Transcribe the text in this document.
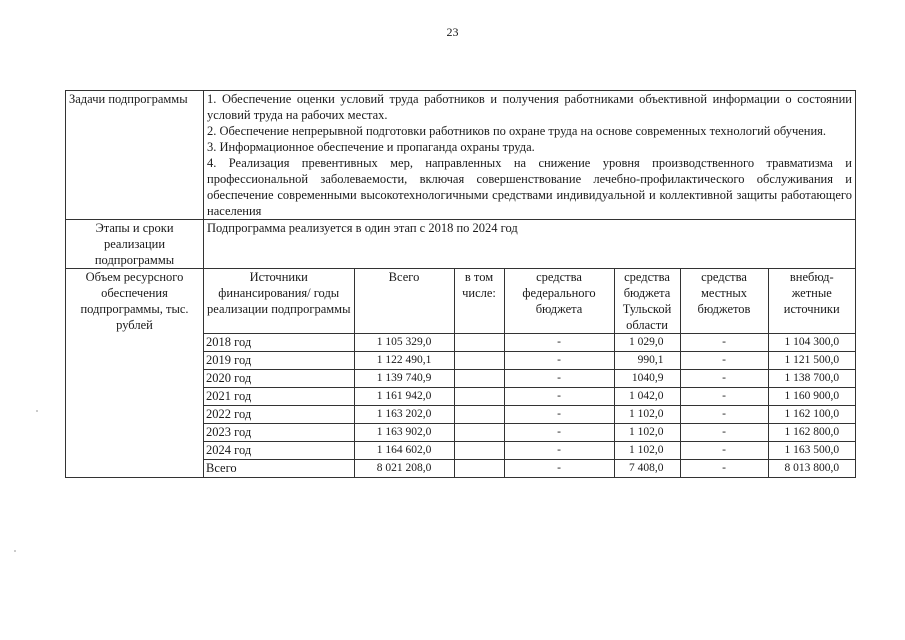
23
Задачи подпрограммы	1. Обеспечение оценки условий труда работников и получения работниками объективной информации о состоянии условий труда на рабочих местах.
2. Обеспечение непрерывной подготовки работников по охране труда на основе современных технологий обучения.
3. Информационное обеспечение и пропаганда охраны труда.
4. Реализация превентивных мер, направленных на снижение уровня производственного травматизма и профессиональной заболеваемости, включая совершенствование лечебно-профилактического обслуживания и обеспечение современными высокотехнологичными средствами индивидуальной и коллективной защиты работающего населения

Этапы и сроки реализации подпрограммы	Подпрограмма реализуется в один этап с 2018 по 2024 год
Объем ресурсного обеспечения подпрограммы, тыс. рублей	
Источники финансирования/ годы реализации подпрограммы	Всего	в том числе:	средства федерального бюджета	средства бюджета Тульской области	средства местных бюджетов	внебюд-жетные источники
2018 год	1 105 329,0		-	1 029,0	-	1 104 300,0
2019 год	1 122 490,1		-	990,1	-	1 121 500,0
2020 год	1 139 740,9		-	1040,9	-	1 138 700,0
2021 год	1 161 942,0		-	1 042,0	-	1 160 900,0
2022 год	1 163 202,0		-	1 102,0	-	1 162 100,0
2023 год	1 163 902,0		-	1 102,0	-	1 162 800,0
2024 год	1 164 602,0		-	1 102,0	-	1 163 500,0
Всего	8 021 208,0		-	7 408,0	-	8 013 800,0
